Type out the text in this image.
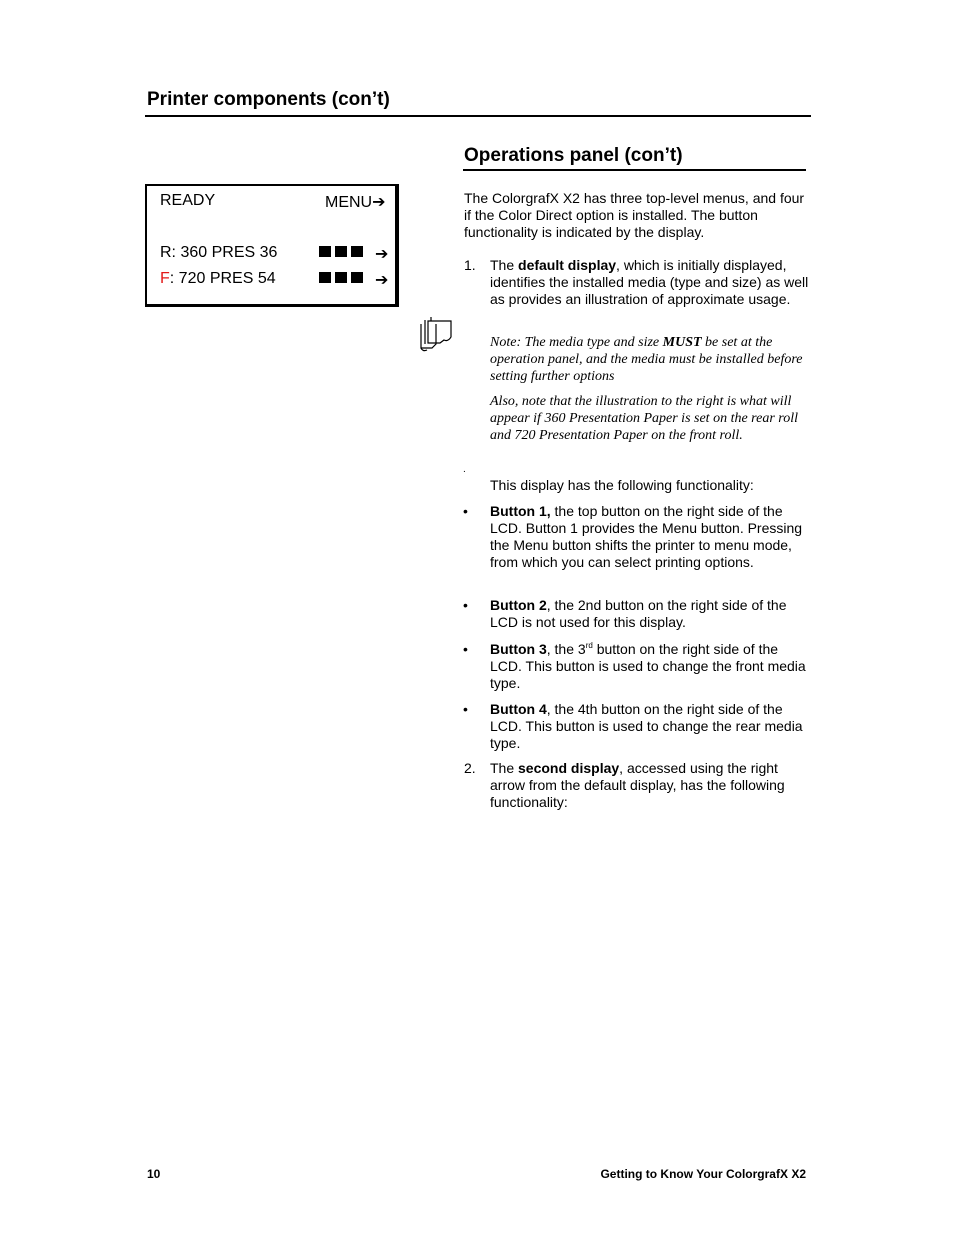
Printer components (con’t)
Operations panel (con’t)
READY	MENU➔
R: 360 PRES 36	➔
F: 720 PRES 54	➔

The ColorgrafX X2 has three top-level menus, and four if the Color Direct option is installed. The button functionality is indicated by the display.

1. The default display, which is initially displayed, identifies the installed media (type and size) as well as provides an illustration of approximate usage.

Note: The media type and size MUST be set at the operation panel, and the media must be installed before setting further options

Also, note that the illustration to the right is what will appear if 360 Presentation Paper is set on the rear roll and 720 Presentation Paper on the front roll.

.

This display has the following functionality:

• Button 1, the top button on the right side of the LCD. Button 1 provides the Menu button. Pressing the Menu button shifts the printer to menu mode, from which you can select printing options.

• Button 2, the 2nd button on the right side of the LCD is not used for this display.

• Button 3, the 3rd button on the right side of the LCD. This button is used to change the front media type.

• Button 4, the 4th button on the right side of the LCD. This button is used to change the rear media type.

2. The second display, accessed using the right arrow from the default display, has the following functionality:

10	Getting to Know Your ColorgrafX X2
